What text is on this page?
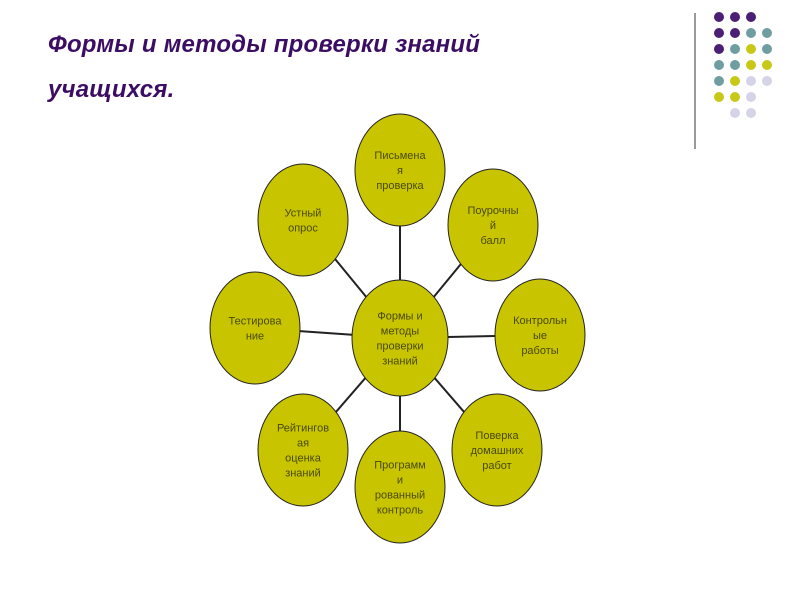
Формы и методы проверки знаний
учащихся.
Письмена
я
проверка
Поурочны
й
балл
Контрольн
ые
работы
Поверка
домашних
работ
Программ
и
рованный
контроль
Рейтингов
ая
оценка
знаний
Тестирова
ние
Устный
опрос
Формы и
методы
проверки
знаний
